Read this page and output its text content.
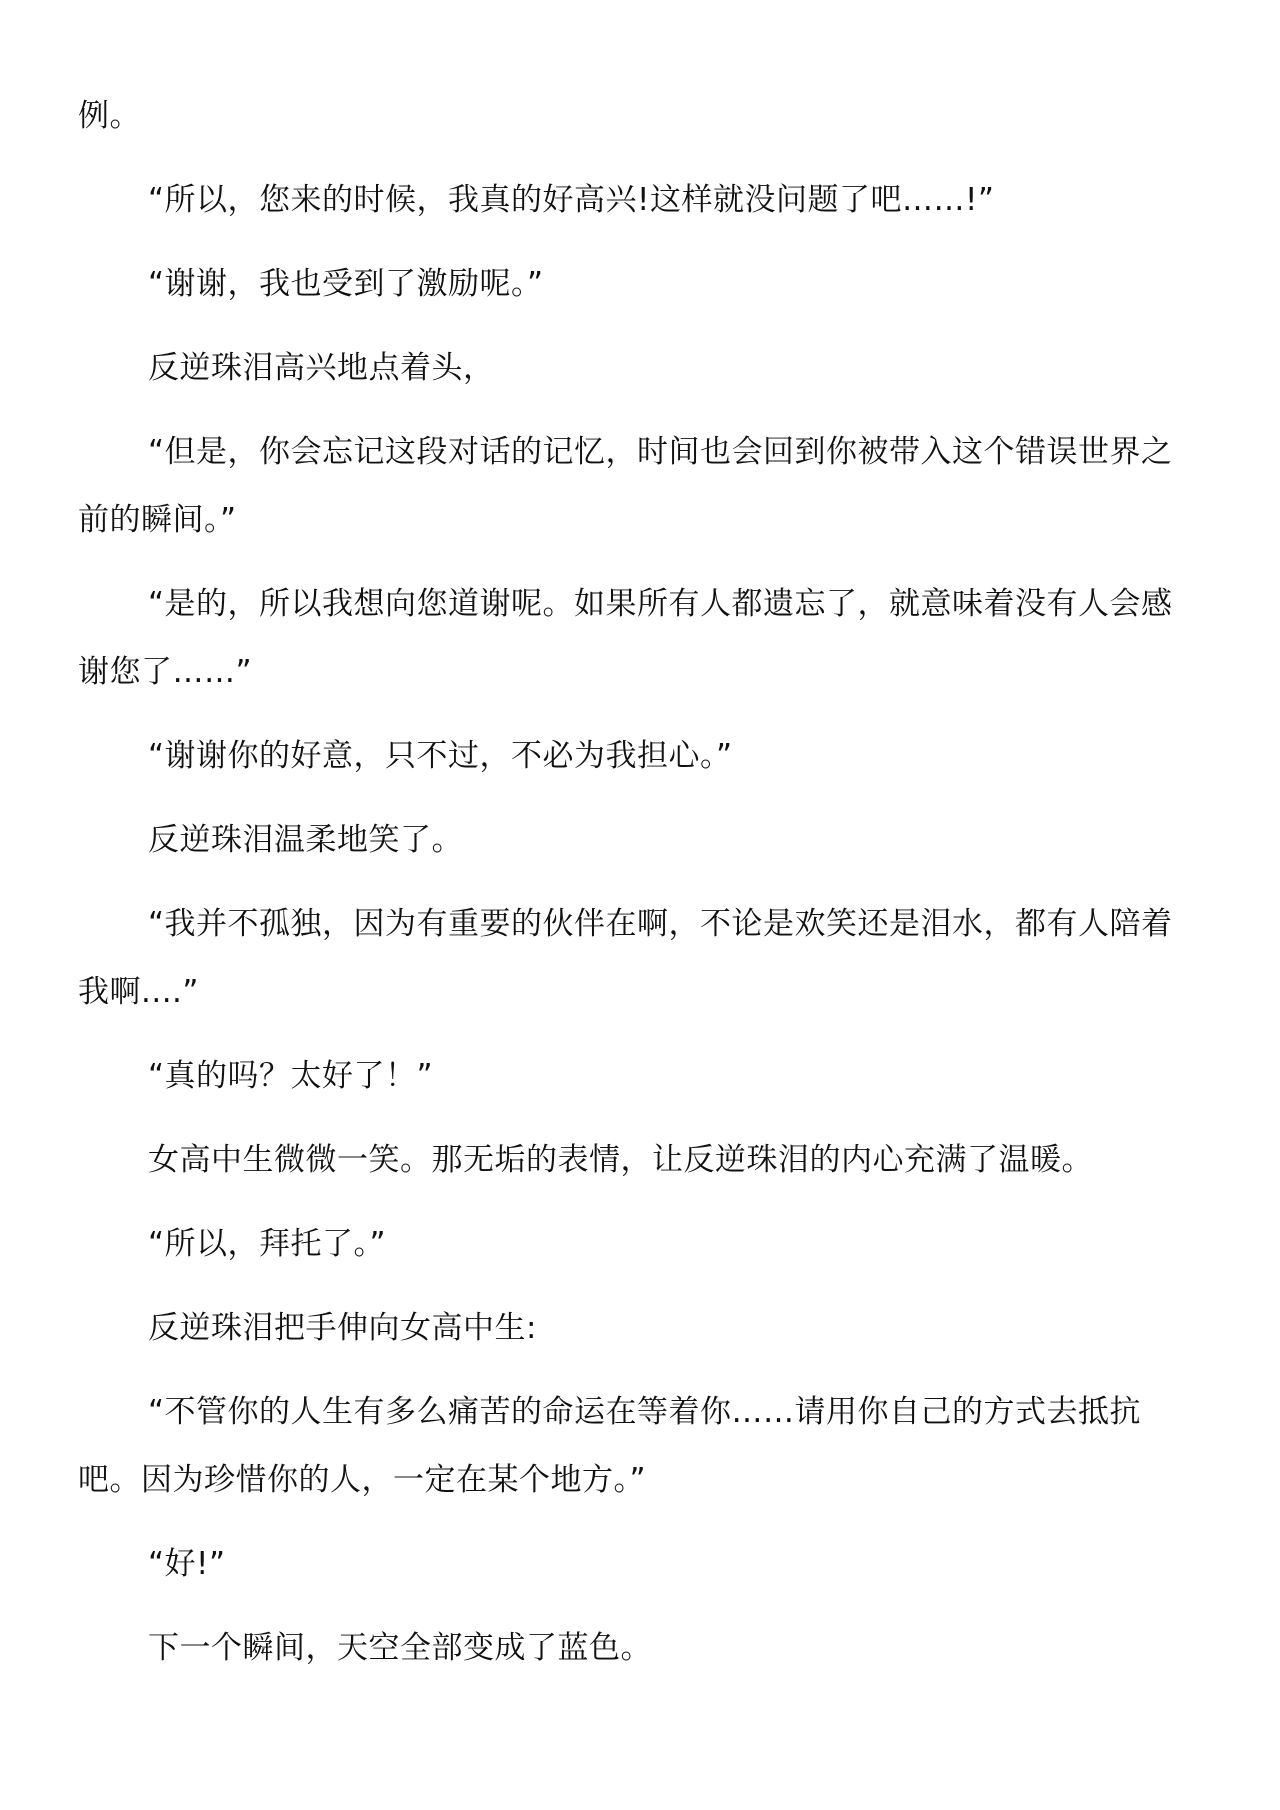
例。

“所以，您来的时候，我真的好高兴!这样就没问题了吧……!”

“谢谢，我也受到了激励呢。”

反逆珠泪高兴地点着头，

“但是，你会忘记这段对话的记忆，时间也会回到你被带入这个错误世界之前的瞬间。”

“是的，所以我想向您道谢呢。如果所有人都遗忘了，就意味着没有人会感谢您了……”

“谢谢你的好意，只不过，不必为我担心。”

反逆珠泪温柔地笑了。

“我并不孤独，因为有重要的伙伴在啊，不论是欢笑还是泪水，都有人陪着我啊....”

“真的吗？太好了！”

女高中生微微一笑。那无垢的表情，让反逆珠泪的内心充满了温暖。

“所以，拜托了。”

反逆珠泪把手伸向女高中生:

“不管你的人生有多么痛苦的命运在等着你……请用你自己的方式去抵抗吧。因为珍惜你的人，一定在某个地方。”

“好!”

下一个瞬间，天空全部变成了蓝色。
